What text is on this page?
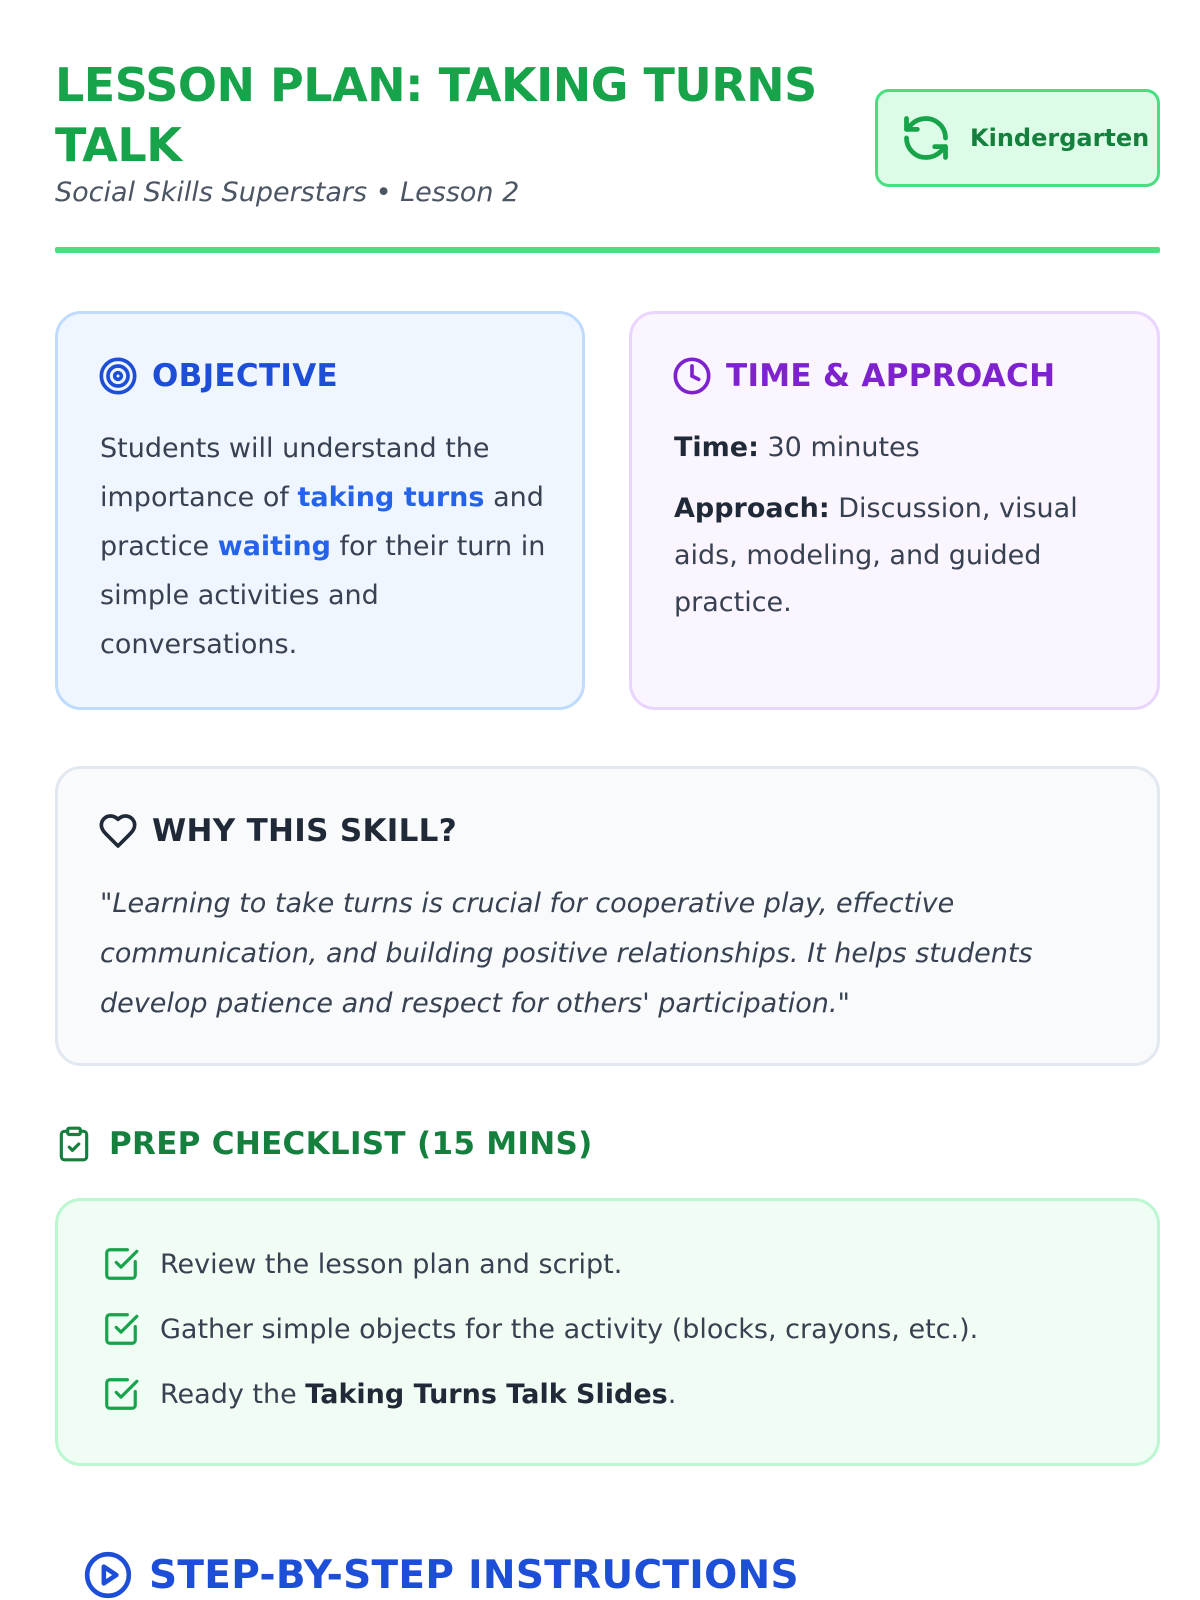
LESSON PLAN: TAKING TURNS TALK
Social Skills Superstars • Lesson 2
Kindergarten
OBJECTIVE
Students will understand the importance of taking turns and practice waiting for their turn in simple activities and conversations.
TIME & APPROACH

Time: 30 minutes

Approach: Discussion, visual aids, modeling, and guided practice.

WHY THIS SKILL?
"Learning to take turns is crucial for cooperative play, effective communication, and building positive relationships. It helps students develop patience and respect for others' participation."
PREP CHECKLIST (15 MINS)
Review the lesson plan and script.
Gather simple objects for the activity (blocks, crayons, etc.).
Ready the Taking Turns Talk Slides.
STEP-BY-STEP INSTRUCTIONS
